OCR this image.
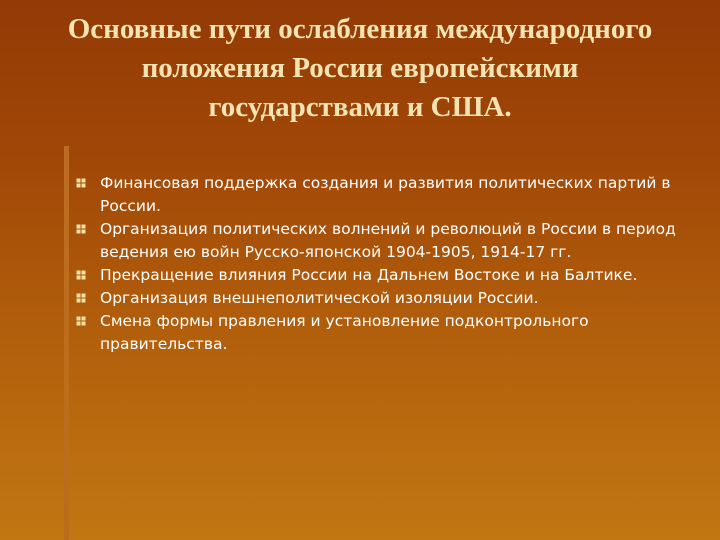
Основные пути ослабления международного
положения России европейскими
государствами и США.
Финансовая поддержка создания и развития политических партий в России.
Организация политических волнений и революций в России в период ведения ею войн Русско-японской 1904-1905, 1914-17 гг.
Прекращение влияния России на Дальнем Востоке и на Балтике.
Организация внешнеполитической изоляции России.
Смена формы правления и установление подконтрольного правительства.
